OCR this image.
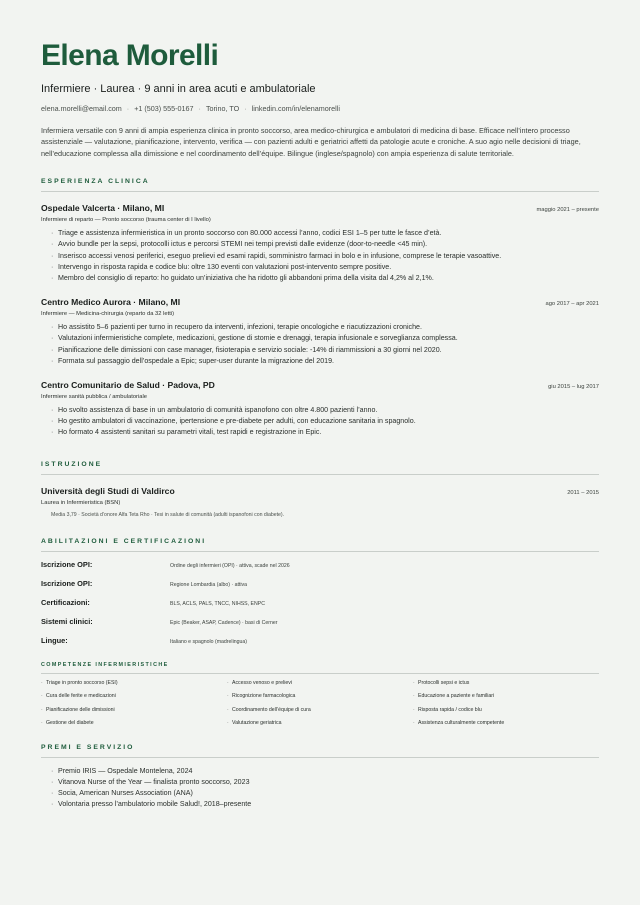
Elena Morelli
Infermiere · Laurea · 9 anni in area acuti e ambulatoriale
elena.morelli@email.com · +1 (503) 555-0167 · Torino, TO · linkedin.com/in/elenamorelli
Infermiera versatile con 9 anni di ampia esperienza clinica in pronto soccorso, area medico-chirurgica e ambulatori di medicina di base. Efficace nell’intero processo assistenziale — valutazione, pianificazione, intervento, verifica — con pazienti adulti e geriatrici affetti da patologie acute e croniche. A suo agio nelle decisioni di triage, nell’educazione complessa alla dimissione e nel coordinamento dell’équipe. Bilingue (inglese/spagnolo) con ampia esperienza di salute territoriale.
ESPERIENZA CLINICA
Ospedale Valcerta · Milano, MI	maggio 2021 – presente
Infermiere di reparto — Pronto soccorso (trauma center di I livello)
· Triage e assistenza infermieristica in un pronto soccorso con 80.000 accessi l’anno, codici ESI 1–5 per tutte le fasce d’età.
· Avvio bundle per la sepsi, protocolli ictus e percorsi STEMI nei tempi previsti dalle evidenze (door-to-needle <45 min).
· Inserisco accessi venosi periferici, eseguo prelievi ed esami rapidi, somministro farmaci in bolo e in infusione, comprese le terapie vasoattive.
· Intervengo in risposta rapida e codice blu: oltre 130 eventi con valutazioni post-intervento sempre positive.
· Membro del consiglio di reparto: ho guidato un’iniziativa che ha ridotto gli abbandoni prima della visita dal 4,2% al 2,1%.
Centro Medico Aurora · Milano, MI	ago 2017 – apr 2021
Infermiere — Medicina-chirurgia (reparto da 32 letti)
· Ho assistito 5–6 pazienti per turno in recupero da interventi, infezioni, terapie oncologiche e riacutizzazioni croniche.
· Valutazioni infermieristiche complete, medicazioni, gestione di stomie e drenaggi, terapia infusionale e sorveglianza complessa.
· Pianificazione delle dimissioni con case manager, fisioterapia e servizio sociale: -14% di riammissioni a 30 giorni nel 2020.
· Formata sul passaggio dell’ospedale a Epic; super-user durante la migrazione del 2019.
Centro Comunitario de Salud · Padova, PD	giu 2015 – lug 2017
Infermiere sanità pubblica / ambulatoriale
· Ho svolto assistenza di base in un ambulatorio di comunità ispanofono con oltre 4.800 pazienti l’anno.
· Ho gestito ambulatori di vaccinazione, ipertensione e pre-diabete per adulti, con educazione sanitaria in spagnolo.
· Ho formato 4 assistenti sanitari su parametri vitali, test rapidi e registrazione in Epic.
ISTRUZIONE
Università degli Studi di Valdirco	2011 – 2015
Laurea in Infermieristica (BSN)
Media 3,79 · Società d’onore Alfa Teta Rho · Tesi in salute di comunità (adulti ispanofoni con diabete).
ABILITAZIONI E CERTIFICAZIONI
Iscrizione OPI:	Ordine degli infermieri (OPI) · attiva, scade nel 2026
Iscrizione OPI:	Regione Lombardia (albo) · attiva
Certificazioni:	BLS, ACLS, PALS, TNCC, NIHSS, ENPC
Sistemi clinici:	Epic (Beaker, ASAP, Cadence) · basi di Cerner
Lingue:	Italiano e spagnolo (madrelingua)
COMPETENZE INFERMIERISTICHE
· Triage in pronto soccorso (ESI)	· Accesso venoso e prelievi	· Protocolli sepsi e ictus
· Cura delle ferite e medicazioni	· Ricognizione farmacologica	· Educazione a paziente e familiari
· Pianificazione delle dimissioni	· Coordinamento dell’équipe di cura	· Risposta rapida / codice blu
· Gestione del diabete	· Valutazione geriatrica	· Assistenza culturalmente competente
PREMI E SERVIZIO
· Premio IRIS — Ospedale Montelena, 2024
· Vitanova Nurse of the Year — finalista pronto soccorso, 2023
· Socia, American Nurses Association (ANA)
· Volontaria presso l’ambulatorio mobile Salud!, 2018–presente
